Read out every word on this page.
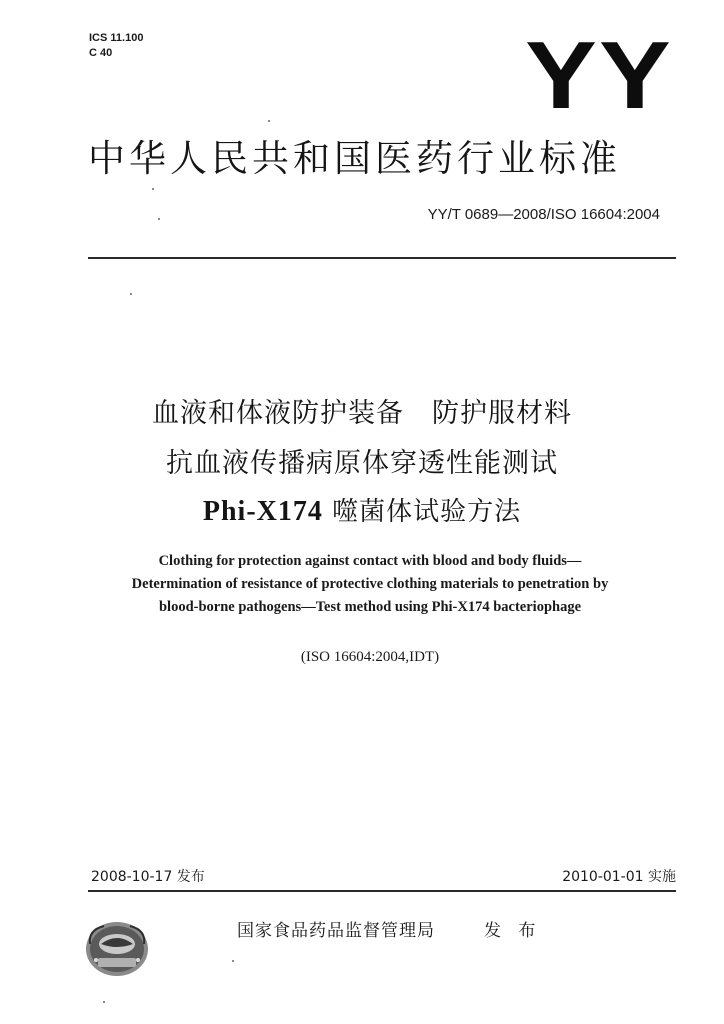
ICS 11.100
C 40	YY
中华人民共和国医药行业标准
YY/T 0689—2008/ISO 16604:2004
血液和体液防护装备　防护服材料
抗血液传播病原体穿透性能测试
Phi-X174 噬菌体试验方法
Clothing for protection against contact with blood and body fluids—
Determination of resistance of protective clothing materials to penetration by
blood-borne pathogens—Test method using Phi-X174 bacteriophage
(ISO 16604:2004,IDT)
2008-10-17 发布	2010-01-01 实施
国家食品药品监督管理局	发 布
